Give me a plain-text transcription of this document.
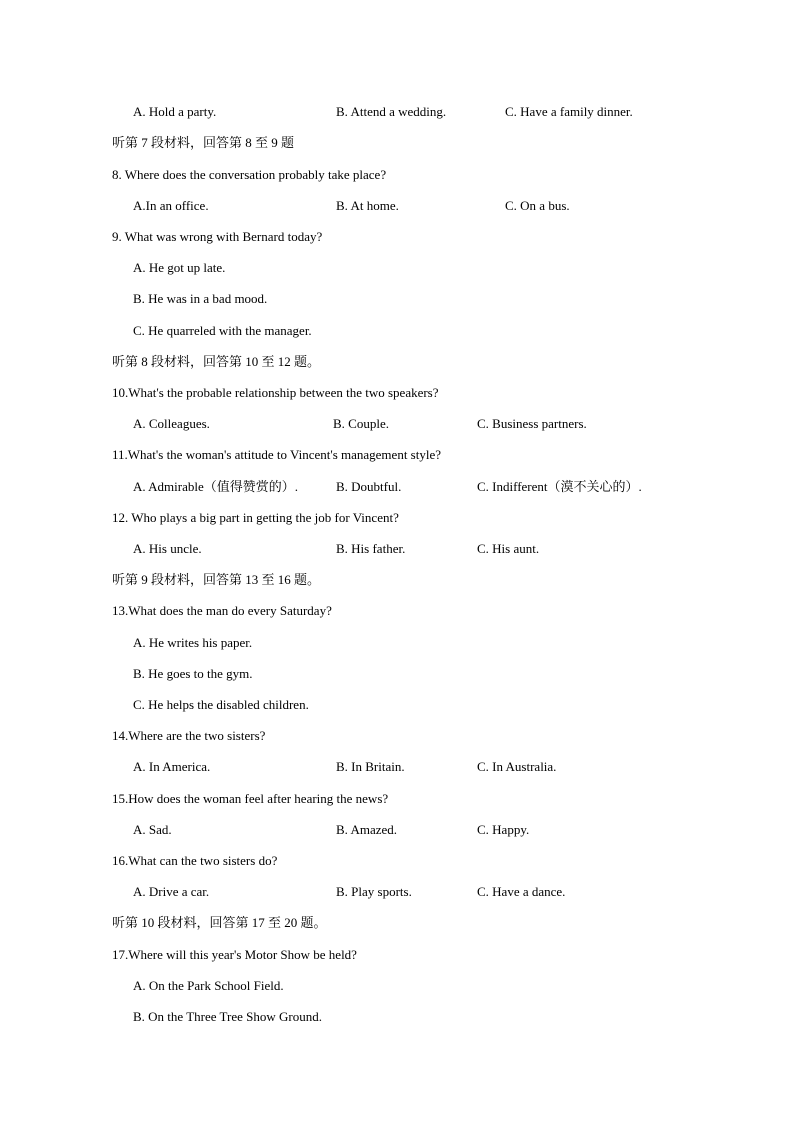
A. Hold a party.	B. Attend a wedding.	C. Have a family dinner.
听第 7 段材料，回答第 8 至 9 题
8. Where does the conversation probably take place?
A.In an office.	B. At home.	C. On a bus.
9. What was wrong with Bernard today?
A. He got up late.
B. He was in a bad mood.
C. He quarreled with the manager.
听第 8 段材料，回答第 10 至 12 题。
10.What's the probable relationship between the two speakers?
A. Colleagues.	B. Couple.	C. Business partners.
11.What's the woman's attitude to Vincent's management style?
A. Admirable（值得赞赏的）.	B. Doubtful.	C. Indifferent（漠不关心的）.
12. Who plays a big part in getting the job for Vincent?
A. His uncle.	B. His father.	C. His aunt.
听第 9 段材料，回答第 13 至 16 题。
13.What does the man do every Saturday?
A. He writes his paper.
B. He goes to the gym.
C. He helps the disabled children.
14.Where are the two sisters?
A. In America.	B. In Britain.	C. In Australia.
15.How does the woman feel after hearing the news?
A. Sad.	B. Amazed.	C. Happy.
16.What can the two sisters do?
A. Drive a car.	B. Play sports.	C. Have a dance.
听第 10 段材料，回答第 17 至 20 题。
17.Where will this year's Motor Show be held?
A. On the Park School Field.
B. On the Three Tree Show Ground.
